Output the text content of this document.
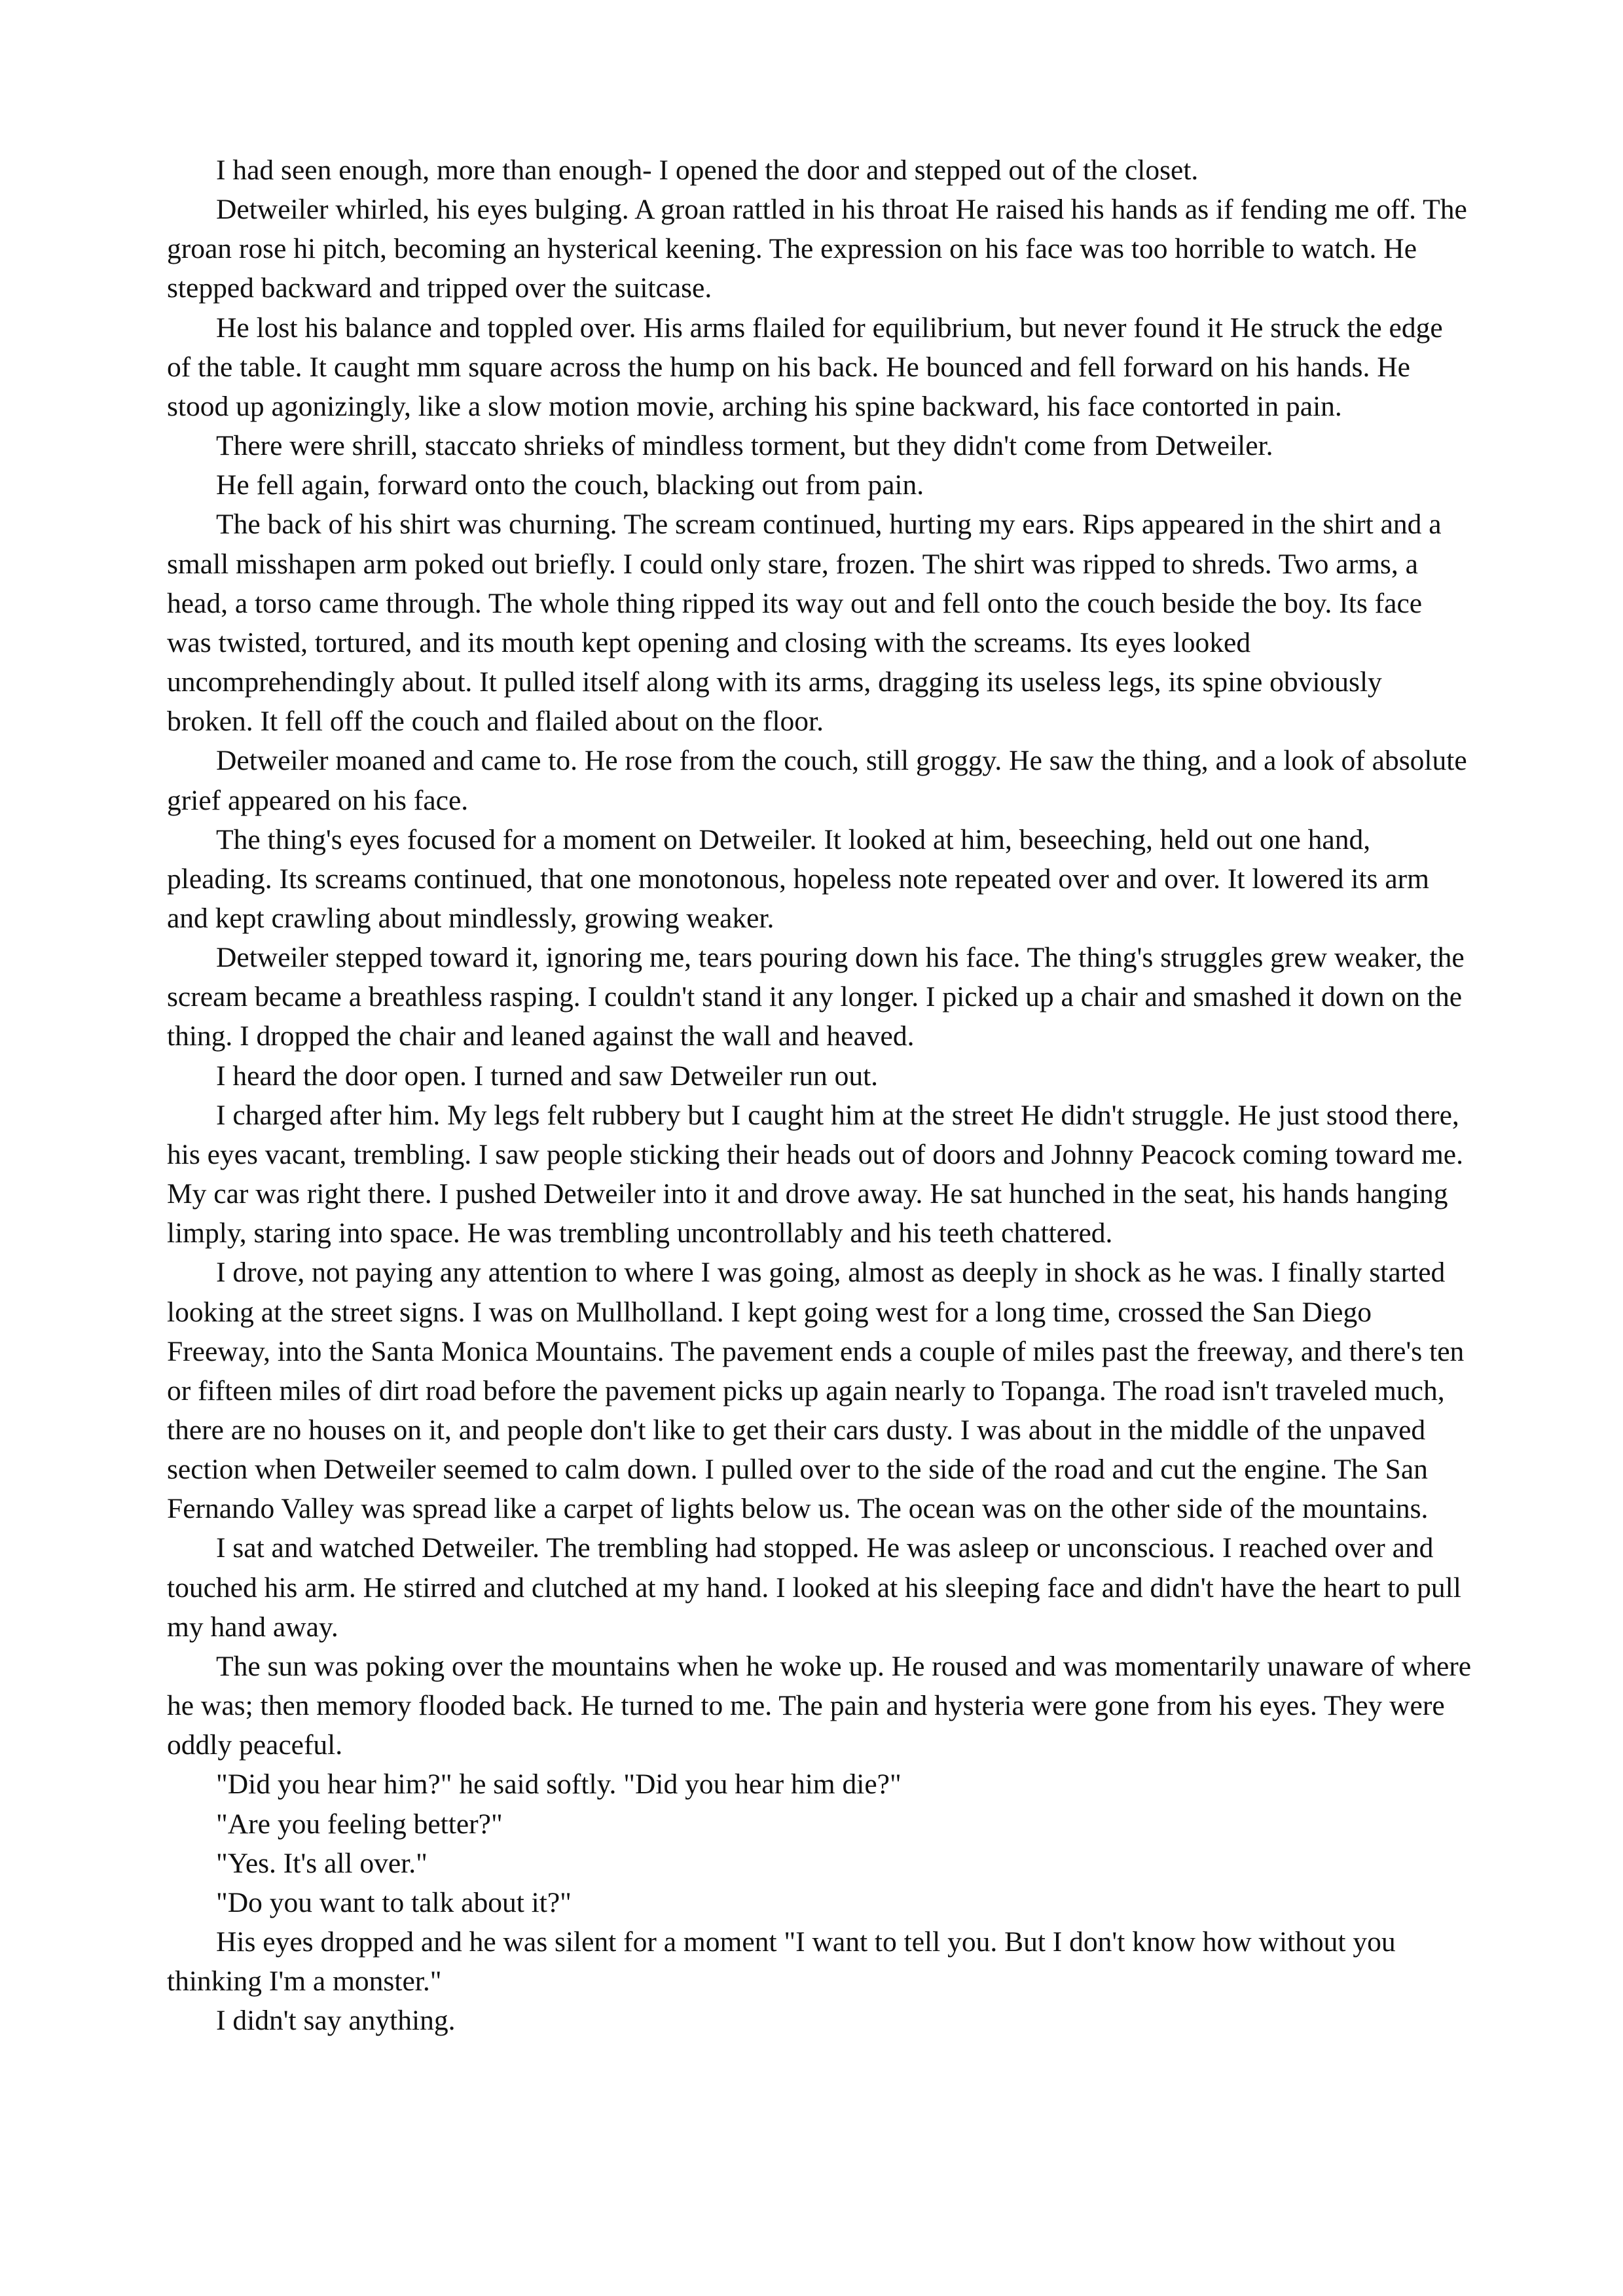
I had seen enough, more than enough- I opened the door and stepped out of the closet.

Detweiler whirled, his eyes bulging. A groan rattled in his throat He raised his hands as if fending me off. The groan rose hi pitch, becoming an hysterical keening. The expression on his face was too horrible to watch. He stepped backward and tripped over the suitcase.

He lost his balance and toppled over. His arms flailed for equilibrium, but never found it He struck the edge of the table. It caught mm square across the hump on his back. He bounced and fell forward on his hands. He stood up agonizingly, like a slow motion movie, arching his spine backward, his face contorted in pain.

There were shrill, staccato shrieks of mindless torment, but they didn't come from Detweiler.

He fell again, forward onto the couch, blacking out from pain.

The back of his shirt was churning. The scream continued, hurting my ears. Rips appeared in the shirt and a small misshapen arm poked out briefly. I could only stare, frozen. The shirt was ripped to shreds. Two arms, a head, a torso came through. The whole thing ripped its way out and fell onto the couch beside the boy. Its face was twisted, tortured, and its mouth kept opening and closing with the screams. Its eyes looked uncomprehendingly about. It pulled itself along with its arms, dragging its useless legs, its spine obviously broken. It fell off the couch and flailed about on the floor.

Detweiler moaned and came to. He rose from the couch, still groggy. He saw the thing, and a look of absolute grief appeared on his face.

The thing's eyes focused for a moment on Detweiler. It looked at him, beseeching, held out one hand, pleading. Its screams continued, that one monotonous, hopeless note repeated over and over. It lowered its arm and kept crawling about mindlessly, growing weaker.

Detweiler stepped toward it, ignoring me, tears pouring down his face. The thing's struggles grew weaker, the scream became a breathless rasping. I couldn't stand it any longer. I picked up a chair and smashed it down on the thing. I dropped the chair and leaned against the wall and heaved.

I heard the door open. I turned and saw Detweiler run out.

I charged after him. My legs felt rubbery but I caught him at the street He didn't struggle. He just stood there, his eyes vacant, trembling. I saw people sticking their heads out of doors and Johnny Peacock coming toward me. My car was right there. I pushed Detweiler into it and drove away. He sat hunched in the seat, his hands hanging limply, staring into space. He was trembling uncontrollably and his teeth chattered.

I drove, not paying any attention to where I was going, almost as deeply in shock as he was. I finally started looking at the street signs. I was on Mullholland. I kept going west for a long time, crossed the San Diego Freeway, into the Santa Monica Mountains. The pavement ends a couple of miles past the freeway, and there's ten or fifteen miles of dirt road before the pavement picks up again nearly to Topanga. The road isn't traveled much, there are no houses on it, and people don't like to get their cars dusty. I was about in the middle of the unpaved section when Detweiler seemed to calm down. I pulled over to the side of the road and cut the engine. The San Fernando Valley was spread like a carpet of lights below us. The ocean was on the other side of the mountains.

I sat and watched Detweiler. The trembling had stopped. He was asleep or unconscious. I reached over and touched his arm. He stirred and clutched at my hand. I looked at his sleeping face and didn't have the heart to pull my hand away.

The sun was poking over the mountains when he woke up. He roused and was momentarily unaware of where he was; then memory flooded back. He turned to me. The pain and hysteria were gone from his eyes. They were oddly peaceful.

"Did you hear him?" he said softly. "Did you hear him die?"

"Are you feeling better?"

"Yes. It's all over."

"Do you want to talk about it?"

His eyes dropped and he was silent for a moment "I want to tell you. But I don't know how without you thinking I'm a monster."

I didn't say anything.
